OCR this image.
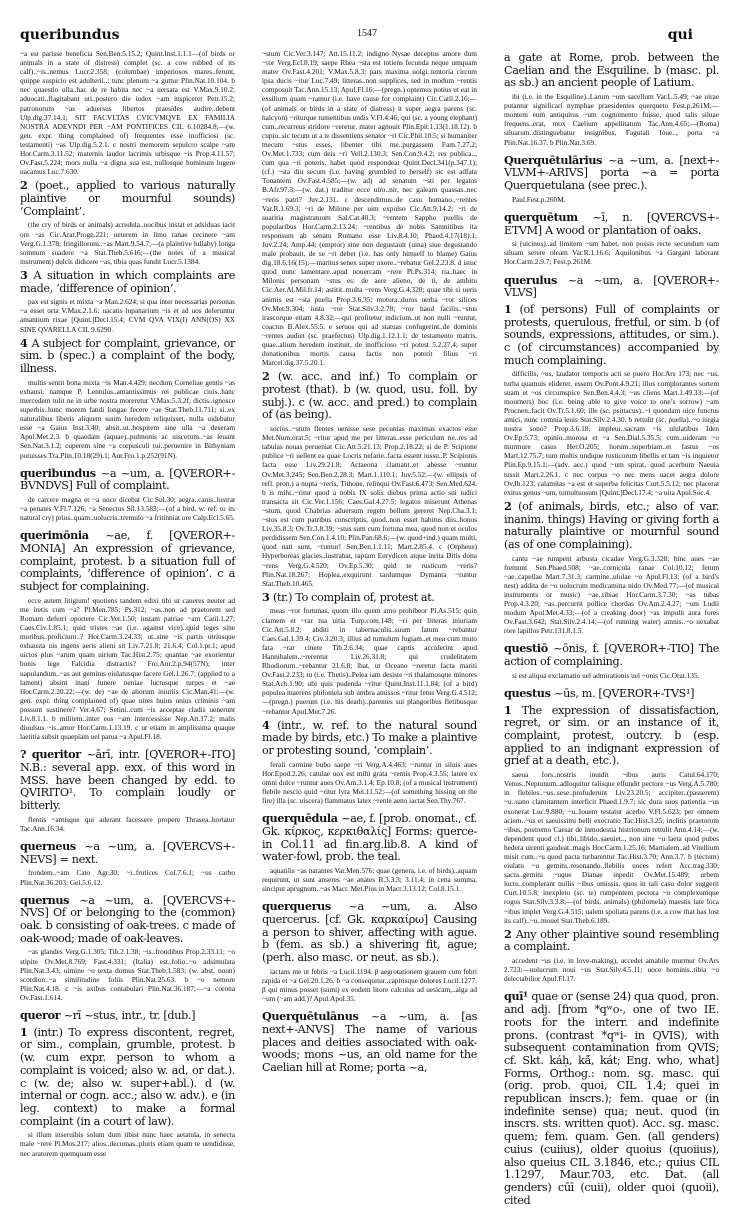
queribundus	1547	qui

~a est parisse beneficia Sen.Ben.5.15.2; Quint.Inst.1.1.1—(of birds or animals in a state of distress) complet (sc. a cow robbed of its calf)..~is..nemus Lucr.2.358; (columbae) imperiosos mares..ferunt, quippe suspicio est adulterii..: tunc plenum ~a guttur Plin.Nat.10.104. b nec quaestio ulla..hac de re habita nec ~a uersata est V.Max.9.10.2; aduocati..flagitabant uti..postero die iudex ~am inspiceret Petr.15.2; patronorum ~as aduersus libertos praesides audire..debent Ulp.dig.37.14.1; SIT FACVLTAS CVICVMQVE EX FAMILIA NOSTRA ADEVNDI PER ~AM PONTIFICES CIL 6.10284.8;—(w. gen. expr. thing complained of) frequentes esse inofficiosi (sc. testamenti) ~as Ulp.dig.5.2.1. c nostri memorem sepulcro scalpe ~am Hor.Carm.3.11.52; maternis laudor lacrimis urbisque ~is Prop.4.11.57; Ov.Fast.5.224; mors nulla ~a digna sua est, nullosque hominum lugere uacamus Luc.7.630.

2 (poet., applied to various naturally plaintive or mournful sounds) ‘Complaint’.

(the cry of birds or animals) acredula..uocibus instat et adsiduas iacit ore ~as Cic.Arat.Progn.221; ueterem in limo ranae cecinere ~am Verg.G.1.378; fringillorum..~as Mart.9.54.7;—(a plaintive lullaby) longa somnum suadere ~a Stat.Theb.5.616;—(the notes of a musical instrument) dulcis didicere ~as, tibia quas fundit Lucr.5.1384.

3 A situation in which complaints are made, ‘difference of opinion’.

pax est signis et mixta ~a Man.2.624; si qua inter necessarias personas ~a esset orta V.Max.2.1.6; uacatis lupanarium ~is et ad uos deferuntur amantium rixae [Quint.]Decl.15.4; CVM QVA VIX(I) ANN(OS) XX SINE QVARELLA CIL 9.6290.

4 A subject for complaint, grievance, or sim. b (spec.) a complaint of the body, illness.

multis sentit bona mixta ~is Man.4.429; necdum Corneliae gentis ~as exhausi: namque P. Lentulus..amantissimus rei publicae ciuis..hanc mercedem tulit ne in urbe nostra moreretur V.Max.5.3.2f; dictis..ignosce superbis..hunc morem fandi longae fecere ~ae Stat.Theb.11.711; si..ex naturalibus liberis aliquem suum heredem reliquisset, nulla uidebatur esse ~a Gaius Inst.3.40; absit..ut..hospitem sine ulla ~a deseram Apul.Met.2.3. b quaedam (aquae)..pulmonis ac uiscerum..~as leuant Sen.Nat.3.1.2; cuperem sine ~a corpusculi tui..peruenire in Bithyniam potuisses Tra.Plin.10.18(29).1; Aur.Fro.1.p.252(91N).

queribundus ~a ~um, a. [QVEROR+-BVNDVS] Full of complaint.

de carcere magna et ~a uoce dicebat Cic.Sul.30; aegra..canis..lustrat ~a penates V.Fl.7.126; ~a Senectus Sil.13.583;—(of a bird, w. ref. to its natural cry) prius..quam..uolucris..tremulo ~a fritinniat ore Calp.Ecl.5.65.

querimōnia ~ae, f. [QVEROR+-MONIA] An expression of grievance, complaint, protest. b a situation full of complaints, ‘difference of opinion’. c a subject for complaining.

ecce autem litigium! quotiens tandem edixi tibi ut caueres neuter ad me iretis cum ~a? Pl.Men.785; Ps.312; ~as..non ad praetorem sed Romam deferri oportere Cic.Ver.1.50; iustam patriae ~am Catil.1.27; Caes.Civ.1.85.1; quid tristes ~ae (i.e. against vice)..quid leges sine moribus..proficiunt..? Hor.Carm.3.24.33; ut..sine ~is partis utriusque exhausta uis ingens aeris alieni sit Liv.7.21.8; 21.6.4; Col.1.pr.1; apud uictos plus ~arum quam uirium Tac.Hist.2.75; quantae ~ae exorientur bonis lege Falcidia distractis? Fro.Aur.2.p.94(57N); inter uapulandum..~as aut gemitus eiulatusque facere Gel.1.26.7; (applied to a lament) absint inani funere neniae luctusque turpes et ~ae Hor.Carm.2.20.22;—(w. de) ~ae de aliorum iniuriis Cic.Man.41;—(w. gen. expr. thing complained of) quae uires huius unius criminis ~am possunt sustinere? Ver.4.67; Setini..cum ~is acceptae cladis uenerunt Liv.8.1.1. b militem..inter eos ~am intercessisse Nep.Att.17.2; malis diuulsus ~is..amor Hor.Carm.1.13.19. c ut etiam in amplissima quaque laetitia subsit quaepiam uel parua ~a Apul.Fl.18.

? queritor ~ārī, intr. [QVEROR+-ITO] N.B.: several app. exx. of this word in MSS. have been changed by edd. to QVIRITO¹. To complain loudly or bitterly.

flentis ~antisque qui aderant facessere propere Thrasea..hortatur Tac.Ann.16.34.

querneus ~a ~um, a. [QVERCVS+-NEVS] = next.

frondem..~am Cato Agr.30; ~i..frutices Col.7.6.1; ~us carbo Plin.Nat.36.203; Gel.5.6.12.

quernus ~a ~um, a. [QVERCVS+-NVS] Of or belonging to the (common) oak. b consisting of oak-trees. c made of oak-wood; made of oak-leaves.

~as glandes Verg.G.1.305; Tib.2.1.38; ~is..frondibus Prop.2.33.11; ~o stipite Ov.Met.8.769; Fast.4.331; (Italia) est..folio..~o adsimulata Plin.Nat.3.43; uimine ~o texta domus Stat.Theb.1.583; (w. abst. noun) scordion..~a similitudine foliis Plin.Nat.25.63. b ~o nemore Plin.Nat.4.18. c ~is axibus contabulari Plin.Nat.36.187;—~a corona Ov.Fast.1.614.

queror ~rī ~stus, intr., tr. [dub.]

1 (intr.) To express discontent, regret, or sim., complain, grumble, protest. b (w. cum expr. person to whom a complaint is voiced; also w. ad, or dat.). c (w. de; also w. super+abl.). d (w. internal or cogn. acc.; also w. adv.). e (in leg. context) to make a formal complaint (in a court of law).

si illum inseruibis solum dum tibist nunc haec aetatula, in senecta male ~rere Pl.Mos.217; alios..decumas..pluris etiam quam te uendidisse, nec aratorem quemquam esse

~stum Cic.Ver.3.147; Att.15.11.2; indigno Nysae deceptus amore dum ~ror Verg.Ecl.8.19; saepe Rhea ~sta est totiens fecunda neque umquam mater Ov.Fast.4.201; V.Max.5.8.3; pars maxima uolgi..tentoria circum ipsa ducis ~itur Luc.7.49; litteras..non supplices, sed in modum ~rentis composuit Tac.Ann.15.13; Apul.Fl.16;—(pregn.) optemus potius ut eat in exsilium quam ~ramur (i.e. have cause for complaint) Cic.Catil.2.16;—(of animals or birds in a state of distress) it super aegra parens (sc. halcyon) ~riturque tumentibus undis V.Fl.4.46; qui (sc. a young elephant) cum..recurreus stridore ~reretur, mater agnouit Plin.Epit.1.13(1.18.12). b cupio..sic tecum ut a te dissentiens senator ~ri Cic.Phil.10.5; si humaniter mecum ~stus esses, libenter tibi me..purgassem Fam.7.27.2; Ov.Met.1.733; cum deis ~ri Vell.2.130.3; Sen.Con.9.4.2; res publica.., cum qua ~ri poteris, habet quod respondeat Quint.Decl.341(p.347.1); (cf.) ~sta diu secum (i.e. having grumbled to herself) sic est adfata Tonantem Ov.Fast.4.585;—(w. ad) ad senatum ~sti per legatos B.Afr.97.3;—(w. dat.) traditur ecce uiro..nir, nec galeam quassas..nec ~reris patri? Juv.2.131. c descendimus..de casu humano..~rentes Var.R.1.69.3; ~ri de Milone per uim expulso Cic.Att.9.14.2; ~ri de suaritia magistratuum Sal.Cat.40.3; ~rentem Sappho puellis de popularibus Hor.Carm.2.13.24; ~rentibus de nobis Samnitibus ita responsum ab senatu Romano esse Liv.8.4.10; Phaed.4.17(18).1; Juv.2.24; Amp.44; (emptor) sine non degustauit (uina) siue degustando male probauit, de se ~ri debet (i.e. has only himself to blame) Gaius dig.18.6.16(15);—maritus senex super uxore..~rebatur Gel.2.23.8. d istuc quod nunc lamentare..apud nouercam ~rere Pl.Ps.314; ria..haec in Milonis personam ~stus es: de aere alieno, de ti, de ambitu Cic.Aer.Al.Mil.fr.14; astitit..multa ~rens Verg.G.4.320; quae tibi si ueris animis est ~sta puella Prop.3.6.35; motura..duros uerba ~ror silices Ov.Met.9.304; iusta ~ror Stat.Silv.3.2.78; ~ror haud facilis..~stus irascorque etiam 4.8.32;—qui profitetur indicium..ut non nulli ~runtur, coactus B.Alex.55.5. e seruos qui ad statuas confugerint..de dominis ~rentes audiet (sc. praefectus) Ulp.dig.1.12.1.1; de testamento matris, quae..alium heredem instituit, de inofficioso ~ri potest 5.2.27.4; super donationibus mortis causa factis non poterit filius ~ri Marcel.dig.37.5.20.1.

2 (w. acc. and inf.) To complain or protest (that). b (w. quod, usu. foll. by subj.). c (w. acc. and pred.) to complain of (as being).

socios..~stum flentes uenisse sese pecunias maximas exactos esse Met.Num.orat.5; ~ritur apud me per litteras..esse periculum ne..res ad tabulas nouas perueniat Cic.Att.5.21.13; Prop.2.18.22; si de P. Scipione publice ~ri uellent ea quae Locris nefarie..facta essent iussu..P. Scipionis facta esse Liv.29.21.8; Actaeona clamant..et abesse ~runtur Ov.Met.3.245; Sen.Ben.2.28.3; Mart.1.110.1; Juv.5.52;—(w. ellipsis of refl. pron.) a nupta ~reris, Tithone, relinqui Ov.Fast.6.473; Sen.Med.624. b is mihi..~ritur quod a nobis IX solis diebus prima actio sui iudici transacta sit Cic.Ver.1.156; Caes.Gal.4.27.5; legatos miserunt Athenas ~stum, quod Chabrias aduersum regem bellum gereret Nep.Cha.3.1; ~stos est cum patribus conscriptis, quod..non esset habitus diis..honos Liv.35.8.3; Ov.Tr.3.8.39; ~stus sum cum fortuna mea, quod non et oculos perdidissem Sen.Con.1.4.10; Plin.Pan.68.6;—(w. quod+ind.) quam multi, quod nati sunt, ~runtur! Sen.Ben.1.1.11; Mart.2.85.4. c (Orpheus) Hyperboreas glacies..lustrabat, raptam Eurydicen atque inrita Ditis dona ~rens Verg.G.4.520; Ov.Ep.5.30; quid te rusticum ~reris? Plin.Nat.18.267; Hoplea..exquirunt tardumque Dymanta ~runtur Stat.Theb.10.465.

3 (tr.) To complain of, protest at.

meas ~ror fortunas, quom illo quem amo prohibeor Pl.As.515; quin clamem et ~rar tua uitia Turp.com.148; ~ri per litteras iniuriam Cic.Att.5.8.2; abditi in tabernaculis..suum fatum ~rebantur Caes.Gal.1.39.4; Civ.3.20.3; illius ad tumulum fugiam..et mea cum muto fata ~rar cinere Tib.2.6.34; quae captis acciderint apud Hannibalem..~rerentur Liv.26.31.8; qui crudelitatem Rhodiorum..~rebantur 21.6.8; ibat, ut Oceano ~reretur facta mariti Ov.Fast.2.233; tu (i.e. Thetis)..Pelea iam desiste ~ri thalamosque minores Stat.Ach.1.90; ubi quis pudenda ~ritur Quint.Inst.11.1.84; (of a bird) populea maerens philomela sub umbra amissos ~ritur fetus Verg.G.4.512;—(pregn.) puerum (i.e. his death)..parentes sui plangoribus fletibusque ~rebantur Apul.Met.7.26.

4 (intr., w. ref. to the natural sound made by birds, etc.) To make a plaintive or protesting sound, ‘complain’.

ferali carmine bubo saepe ~ri Verg.A.4.463; ~runtur in siluis aues Hor.Epod.2.26; catulae uox est mihi grata ~rentis Prop.4.3.55; latere ex omni dulce ~runtur aues Ov.Am.3.1.4; Ep.10.8; (of a musical instrument) flebile nescio quid ~ritur lyra Met.11.52;—(of something hissing on the fire) illa (sc. uiscera) flammatus latex ~rente aeno iactat Sen.Thy.767.

querquēdula ~ae, f. [prob. onomat., cf. Gk. κίρκος, κερκιθαλίς] Forms: querce- in Col.11 ad fin.arg.lib.8. A kind of water-fowl, prob. the teal.

aquatilis ~as natantes Var.Men.576; quae (genera, i.e. of birds)..aquam requirunt, ut sunt anseres ~ae anates R.3.3.3; 3.11.4; in cena summa, sinciput aprugnum..~as Macr. Met.Pius in Macr.3.13.12; Col.8.15.1.

querquerus ~a ~um, a. Also quercerus. [cf. Gk. καρκαίρω] Causing a person to shiver, affecting with ague. b (fem. as sb.) a shivering fit, ague; (perh. also masc. or neut. as sb.).

iactans me ut febris ~a Lucil.1194. β aegrotationem grauem cum febri rapida et ~a Gel.20.1.26. b ~a consequitur..capitisque dolores Lucil.1277. β qui minus posset (sumi) ex eodem litore calculus ad uesicam,..alga ad ~um (~am add.)? Apul.Apol.35.

Querquētulānus ~a ~um, a. [as next+-ANVS] The name of various places and deities associated with oak-woods; mons ~us, an old name for the Caelian hill at Rome; porta ~a,

a gate at Rome, prob. between the Caelian and the Esquiline. b (masc. pl. as sb.) an ancient people of Latium.

ibi (i.e. in the Esquiline)..Larum ~um sacellum Var.L.5.49; ~ae uirae putantur significari nymphae praesidentes querqueto Fest.p.261M;—montem eum antiquitus ~um cognomento fuisse, quod talis siluae frequens..erat, mox Caelium appellitatum Tac.Ann.4.65;—(Roma) siluarum..distinguebatur insignibus, Fagutali Ioue.., porta ~a Plin.Nat.16.37. b Plin.Nat.3.69.

Querquētulārius ~a ~um, a. [next+-VLVM+-ARIVS] porta ~a = porta Querquetulana (see prec.).

Paul.Fest.p.260M.

querquētum ~ī, n. [QVERCVS+-ETVM] A wood or plantation of oaks.

si (uicinus)..ad limitem ~um habet, non possis recte secundum eam siluam serere oleam Var.R.1.16.6; Aquilonibus ~a Gargani laborant Hor.Carm.2.9.7; Fest.p.261M.

querulus ~a ~um, a. [QVEROR+-VLVS]

1 (of persons) Full of complaints or protests, querulous, fretful, or sim. b (of sounds, expressions, attitudes, or sim.). c (of circumstances) accompanied by much complaining.

difficilis, ~us, laudator temporis acti se puero Hor.Ars 173; nec ~us, turba quamuis eliderer, essem Ov.Pont.4.9.21; illos complorantes sortem suam et ~os circumspice Sen.Ben.4.4.3; ~us cliens Mart.1.49.33;—(of mourners) hoc (i.e. being able to give voice to one’s sorrow) ~am Procnen..facit Ov.Tr.5.1.60; ille (sc. psittacus)..~i quondam uice functus amici, nunc comnia leuis Stat.Silv.2.4.30. b rettulit (sc. puella)..~o iurgia nostra sono? Prop.3.6.18; impleui..sacram ~is ululatibus Iden Ov.Ep.5.73; opinio..morosa et ~a Sen.Dial.5.35.5; cum..uideram ~o murmure casus Her.O.205; horum..superbiam..et fastus ~os Mart.12.75.7; tum multis undique rusticorum libellis et tam ~is inquietor Plin.Ep.9.15.1;—(adv. acc.) quod ~um spirat, quod acerbum Naeuia tussit Mart.2.26.1. c nec corpus ~o nec mens uacet aegra dolore Ov.Ib.123; calamitas ~a est et superba felicitas Curt.5.5.12; nec placerat exitus genus ~um, tumultuosum [Quint.]Decl.17.4; ~a uita Apul.Soc.4.

2 (of animals, birds, etc.; also of var. inanim. things) Having or giving forth a naturally plaintive or mournful sound (as of one complaining).

cantu ~ae rumpent arbusta cicadae Verg.G.3.328; hinc aues ~ae fremunt Sen.Phaed.508; ~ae..cornicula ranae Col.10.12; fetum ~ae..capellae Mart.7.31.3; carmine..ululae ~o Apul.Fl.13; (of a bird’s nest) addita de ~o uolucrum medicamina nido Ov.Med.77;—(of musical instruments or music) ~ae..tibiae Hor.Carm.3.7.30; ~as tubas Prop.4.3.20; ~as..percurrit pollice chordas Ov.Am.2.4.27; ~um Ludii modum Apul.Met.4.33;—(of a creaking door) ~as impulit aura fores Ov.Fast.3.642; Stat.Silv.2.4.14;—(of running water) amnis..~o uexabat rore lapillos Petr.131.8.1.5.

questiō ~ōnis, f. [QVEROR+-TIO] The action of complaining.

si est aliqua exclamatio uel admirationis uel ~onis Cic.Orat.135.

questus ~ūs, m. [QVEROR+-TVS¹]

1 The expression of dissatisfaction, regret, or sim. or an instance of it, complaint, protest, outcry. b (esp. applied to an indignant expression of grief at a death, etc.).

saeua fors..nostris inuidit ~ibus auris Catul.64.170; Venus..Neptunum..adloquitur talisque effundit pectore ~us Verg.A.5.780; in flebiles..~us..sese..profuderunt Liv.23.20.5; accipiter..(passerem) ~u..uano clamitantem interficit Phaed.1.9.7; sic dura suos patientia ~us exonerat Luc.9.880; ~u..Iouem testatur acerbo V.Fl.5.623; per omnem aciem..~us et saeuissimi belli execratio Tac.Hist.3.25; inclitis praetorum ~ibus, postremo Caesar de inmodestia histrionum rettulit Ann.4.14;—(w. dependent quod cl.) tibi..libido..saeuiet.., non sine ~u laeta quod pubes hedera uirenti gaudeat..magis Hor.Carm.1.25.16; Martialem..ad Vitellium misit cum..~u quod pacta turbarentur Tac.Hist.3.70; Ann.3.7. b (tectum) eiulatu ~u gemitu..resonando..flebilis uoces refert Acc.trag.330; sacra..gemitu ~uque Dianae inpedit Ov.Met.15.489; urbem luctu..complerant nullis ~ibus omissis, quos in tali casu dolor suggerit Curt.10.5.8; inexpleto (sc. te) rumpentem pectora ~u complexumque rogos Stat.Silv.3.3.8;—(of birds, animals) (philomela) maestis late loca ~ibus implet Verg.G.4.515; ualem spoliata parens (i.e. a cow that has lost its calf)..~u..mouet Stat.Theb.6.189.

2 Any other plaintive sound resembling a complaint.

accedent ~us (i.e. in love-making), accedet amabile murmur Ov.Ars 2.723;—uolucrum noui ~us Stat.Silv.4.5.11; uoce hominis..tibia ~u delectabilior Apul.Fl.17.

quī¹ quae or (sense 24) qua quod, pron. and adj. [from *qʷo-, one of two IE. roots for the interr. and indefinite prons. (contrast *qʷi- in QVIS), with subsequent contamination from QVIS; cf. Skt. káḥ, kā́, kát; Eng. who, what] Forms, Orthog.: nom. sg. masc. qui (orig. prob. quoi, CIL 1.4; quei in republican inscrs.); fem. quae or (in indefinite sense) qua; neut. quod (in inscrs. sts. written quot). Acc. sg. masc. quem; fem. quam. Gen. (all genders) cuius (cuiius), older quoius (quoiius), also queius CIL 3.1846, etc.; quius CIL 1.1297, Maur.703, etc. Dat. (all genders) cūī (cuii), older quoi (quoii), cited
